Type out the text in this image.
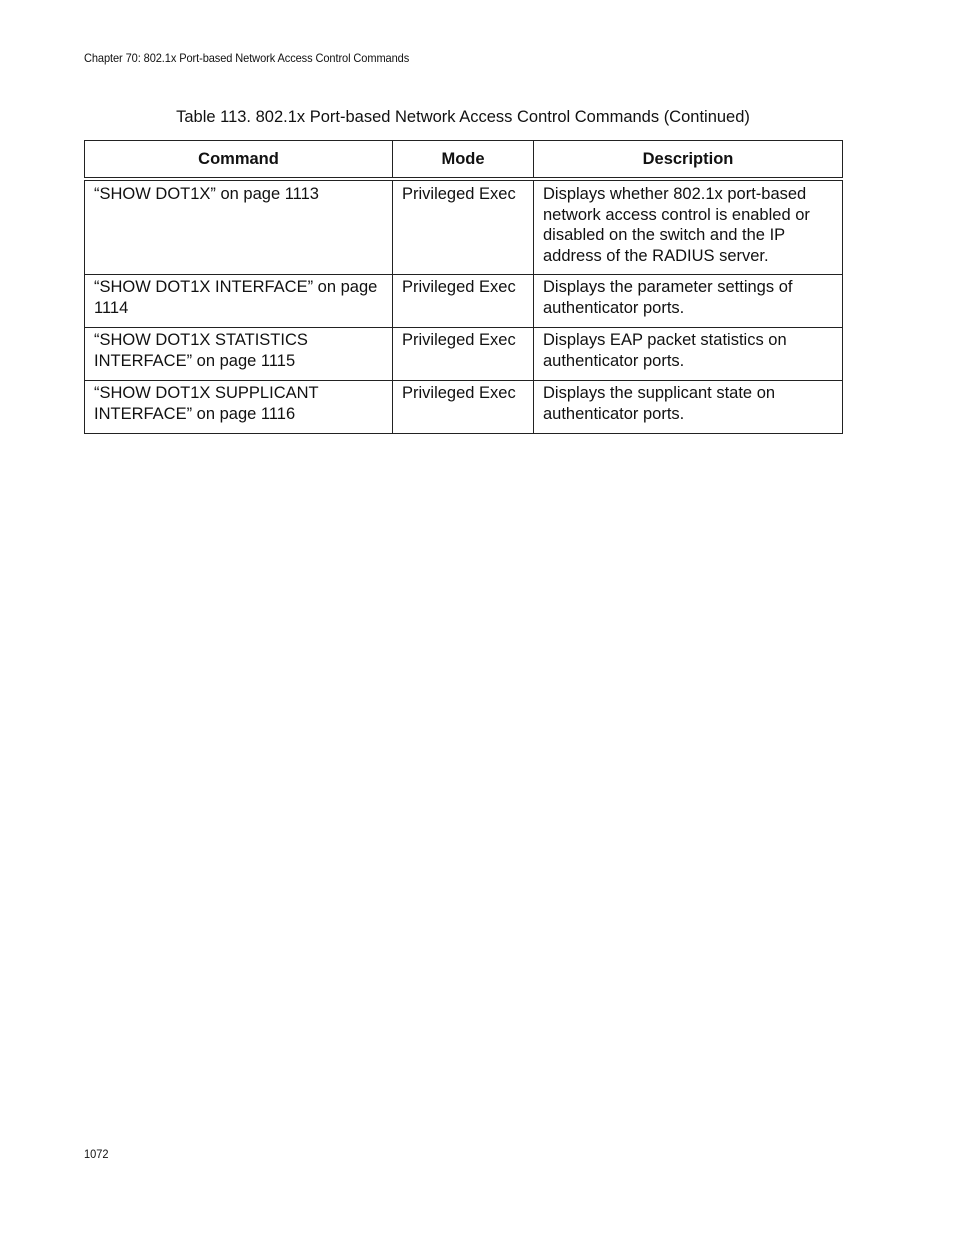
Chapter 70: 802.1x Port-based Network Access Control Commands
Table 113. 802.1x Port-based Network Access Control Commands (Continued)
Command	Mode	Description
“SHOW DOT1X” on page 1113	Privileged Exec	Displays whether 802.1x port-based network access control is enabled or disabled on the switch and the IP address of the RADIUS server.
“SHOW DOT1X INTERFACE” on page 1114	Privileged Exec	Displays the parameter settings of authenticator ports.
“SHOW DOT1X STATISTICS INTERFACE” on page 1115	Privileged Exec	Displays EAP packet statistics on authenticator ports.
“SHOW DOT1X SUPPLICANT INTERFACE” on page 1116	Privileged Exec	Displays the supplicant state on authenticator ports.
1072
